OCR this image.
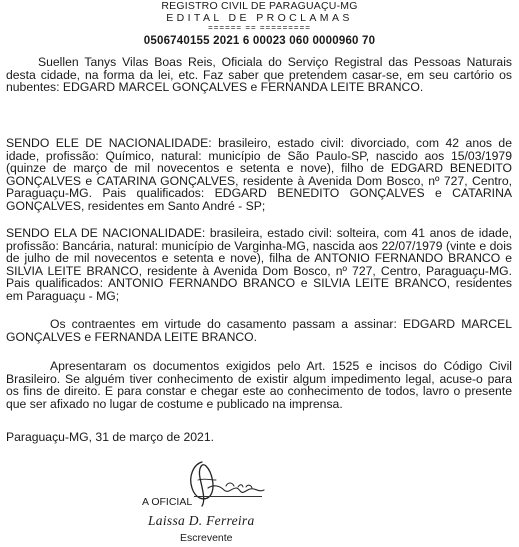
REGISTRO CIVIL DE PARAGUAÇU-MG
EDITAL DE PROCLAMAS
====== == =========
0506740155 2021 6 00023 060 0000960 70

Suellen Tanys Vilas Boas Reis, Oficiala do Serviço Registral das Pessoas Naturais desta cidade, na forma da lei, etc. Faz saber que pretendem casar-se, em seu cartório os nubentes: EDGARD MARCEL GONÇALVES e FERNANDA LEITE BRANCO.

SENDO ELE DE NACIONALIDADE: brasileiro, estado civil: divorciado, com 42 anos de idade, profissão: Químico, natural: município de São Paulo-SP, nascido aos 15/03/1979 (quinze de março de mil novecentos e setenta e nove), filho de EDGARD BENEDITO GONÇALVES e CATARINA GONÇALVES, residente à Avenida Dom Bosco, nº 727, Centro, Paraguaçu-MG. Pais qualificados: EDGARD BENEDITO GONÇALVES e CATARINA GONÇALVES, residentes em Santo André - SP;

SENDO ELA DE NACIONALIDADE: brasileira, estado civil: solteira, com 41 anos de idade, profissão: Bancária, natural: município de Varginha-MG, nascida aos 22/07/1979 (vinte e dois de julho de mil novecentos e setenta e nove), filha de ANTONIO FERNANDO BRANCO e SILVIA LEITE BRANCO, residente à Avenida Dom Bosco, nº 727, Centro, Paraguaçu-MG. Pais qualificados: ANTONIO FERNANDO BRANCO e SILVIA LEITE BRANCO, residentes em Paraguaçu - MG;

Os contraentes em virtude do casamento passam a assinar: EDGARD MARCEL GONÇALVES e FERNANDA LEITE BRANCO.

Apresentaram os documentos exigidos pelo Art. 1525 e incisos do Código Civil Brasileiro. Se alguém tiver conhecimento de existir algum impedimento legal, acuse-o para os fins de direito. E para constar e chegar este ao conhecimento de todos, lavro o presente que ser afixado no lugar de costume e publicado na imprensa.

Paraguaçu-MG, 31 de março de 2021.
A OFICIAL
Laissa D. Ferreira
Escrevente
